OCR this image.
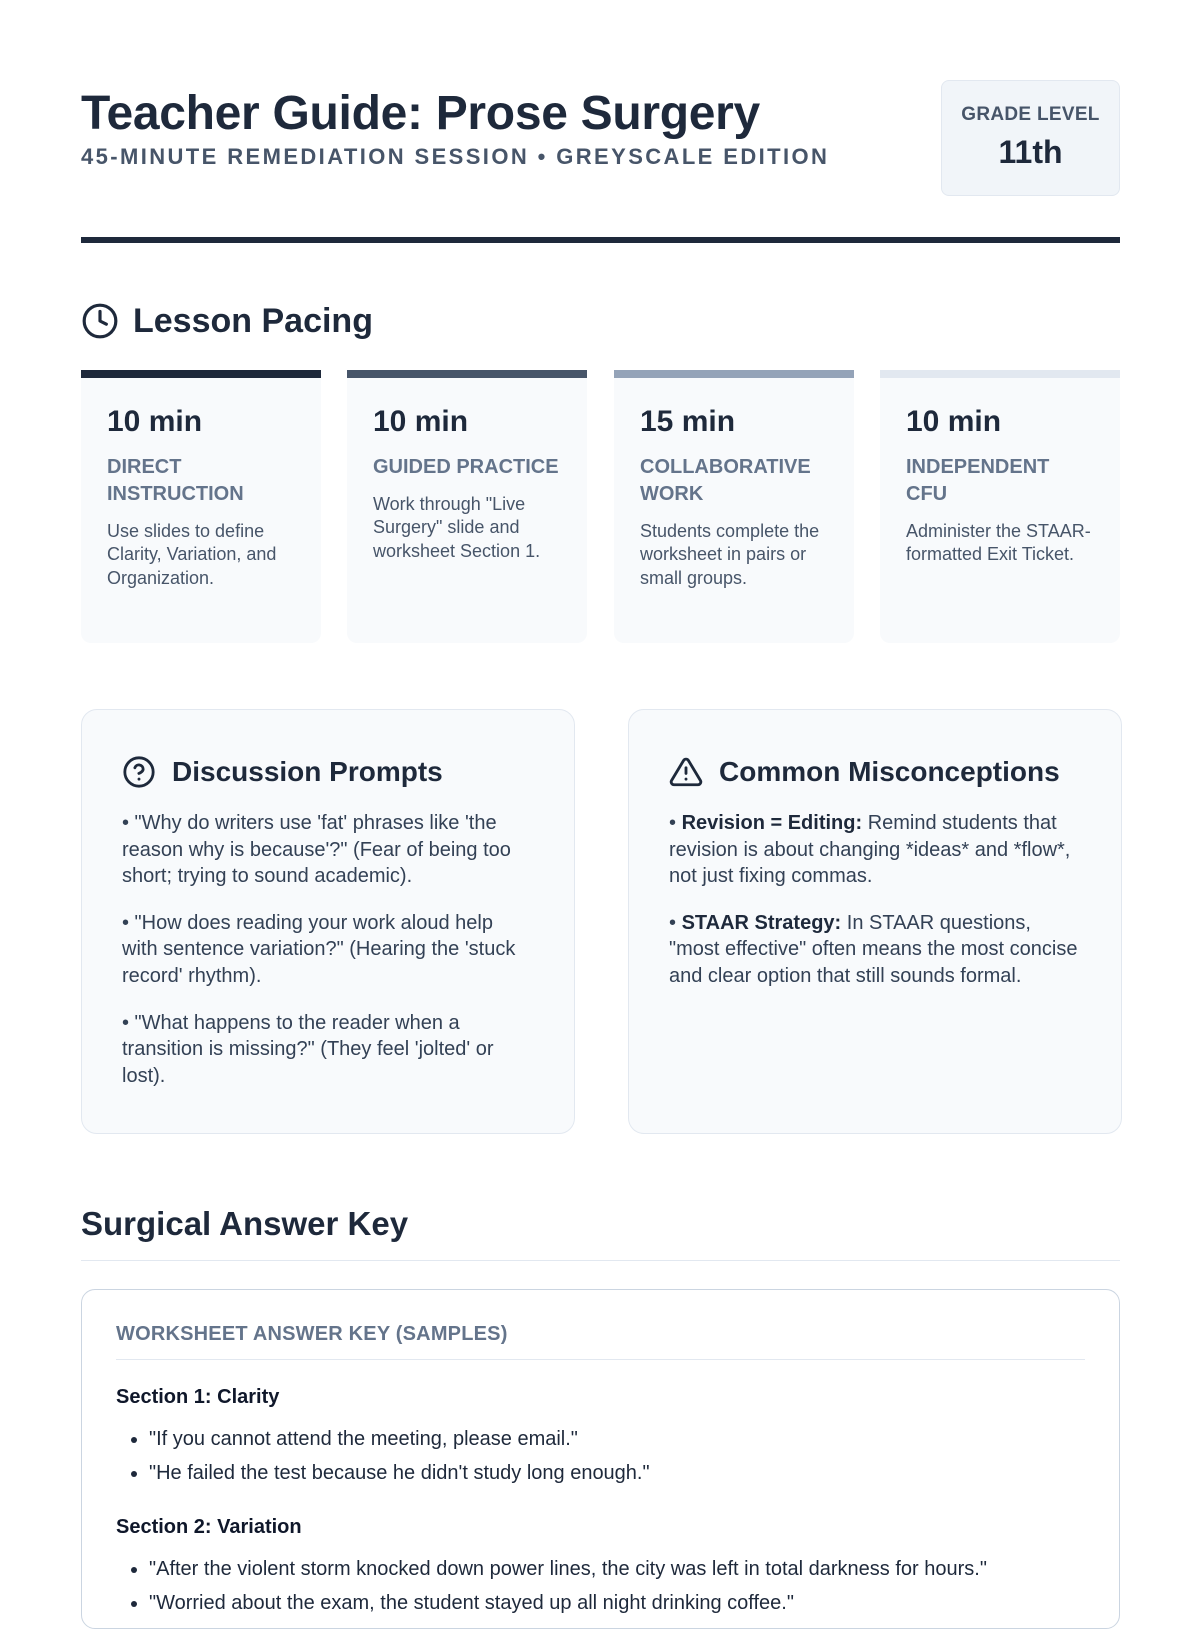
Teacher Guide: Prose Surgery
45-MINUTE REMEDIATION SESSION • GREYSCALE EDITION
GRADE LEVEL
11th
Lesson Pacing
10 min
DIRECT INSTRUCTION
Use slides to define Clarity, Variation, and Organization.
10 min
GUIDED PRACTICE
Work through "Live Surgery" slide and worksheet Section 1.
15 min
COLLABORATIVE WORK
Students complete the worksheet in pairs or small groups.
10 min
INDEPENDENT CFU
Administer the STAAR-formatted Exit Ticket.
Discussion Prompts
• "Why do writers use 'fat' phrases like 'the reason why is because'?" (Fear of being too short; trying to sound academic).
• "How does reading your work aloud help with sentence variation?" (Hearing the 'stuck record' rhythm).
• "What happens to the reader when a transition is missing?" (They feel 'jolted' or lost).
Common Misconceptions
• Revision = Editing: Remind students that revision is about changing *ideas* and *flow*, not just fixing commas.
• STAAR Strategy: In STAAR questions, "most effective" often means the most concise and clear option that still sounds formal.
Surgical Answer Key
WORKSHEET ANSWER KEY (SAMPLES)
Section 1: Clarity
• "If you cannot attend the meeting, please email."
• "He failed the test because he didn't study long enough."
Section 2: Variation
• "After the violent storm knocked down power lines, the city was left in total darkness for hours."
• "Worried about the exam, the student stayed up all night drinking coffee."
